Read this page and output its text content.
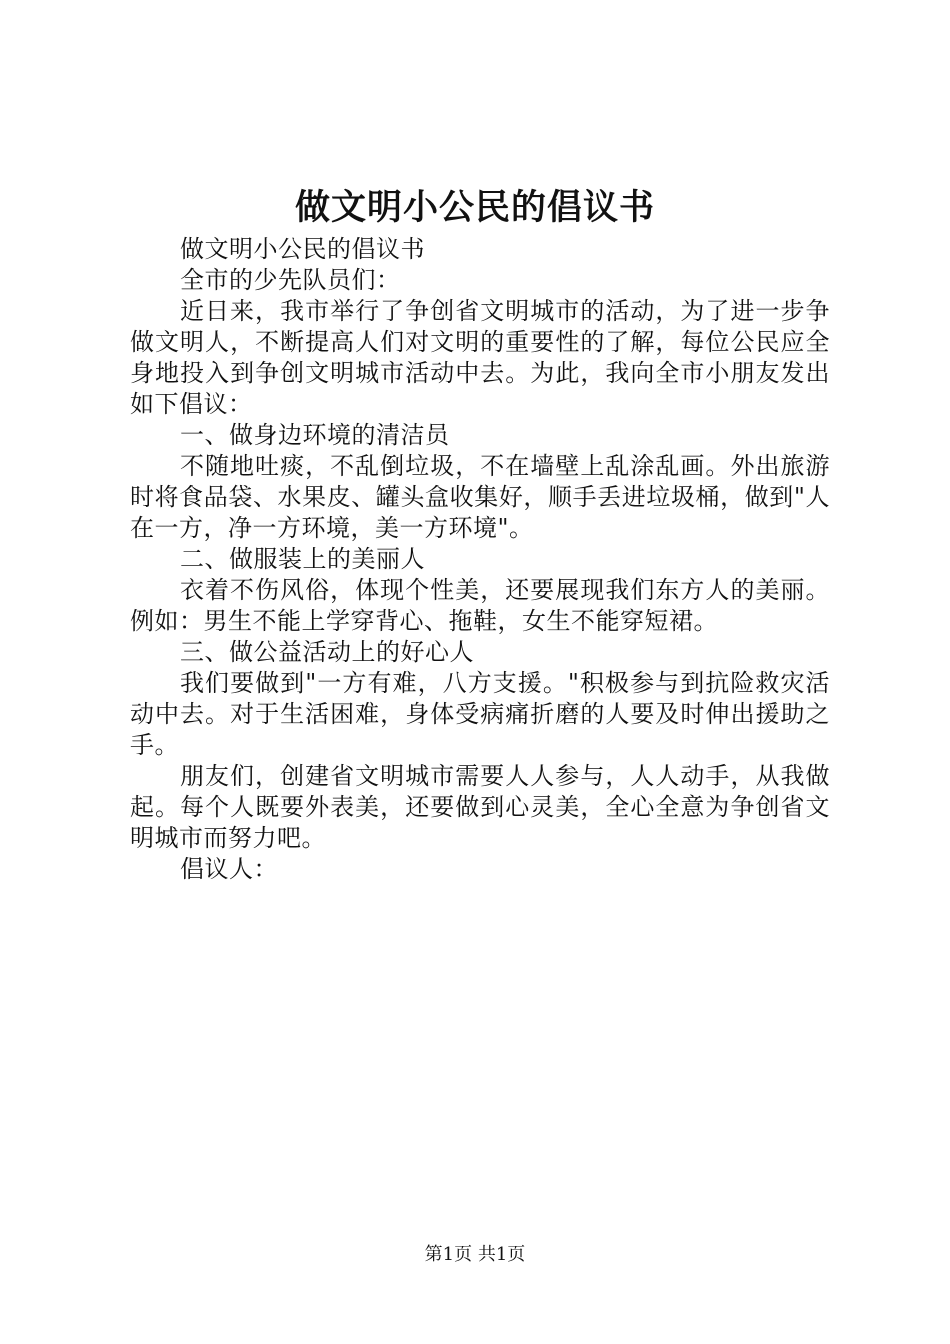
做文明小公民的倡议书

做文明小公民的倡议书

全市的少先队员们：

近日来，我市举行了争创省文明城市的活动，为了进一步争做文明人，不断提高人们对文明的重要性的了解，每位公民应全身地投入到争创文明城市活动中去。为此，我向全市小朋友发出如下倡议：

一、做身边环境的清洁员

不随地吐痰，不乱倒垃圾，不在墙壁上乱涂乱画。外出旅游时将食品袋、水果皮、罐头盒收集好，顺手丢进垃圾桶，做到"人在一方，净一方环境，美一方环境"。

二、做服装上的美丽人

衣着不伤风俗，体现个性美，还要展现我们东方人的美丽。例如：男生不能上学穿背心、拖鞋，女生不能穿短裙。

三、做公益活动上的好心人

我们要做到"一方有难，八方支援。"积极参与到抗险救灾活动中去。对于生活困难，身体受病痛折磨的人要及时伸出援助之手。

朋友们，创建省文明城市需要人人参与，人人动手，从我做起。每个人既要外表美，还要做到心灵美，全心全意为争创省文明城市而努力吧。

倡议人：

第1页 共1页
